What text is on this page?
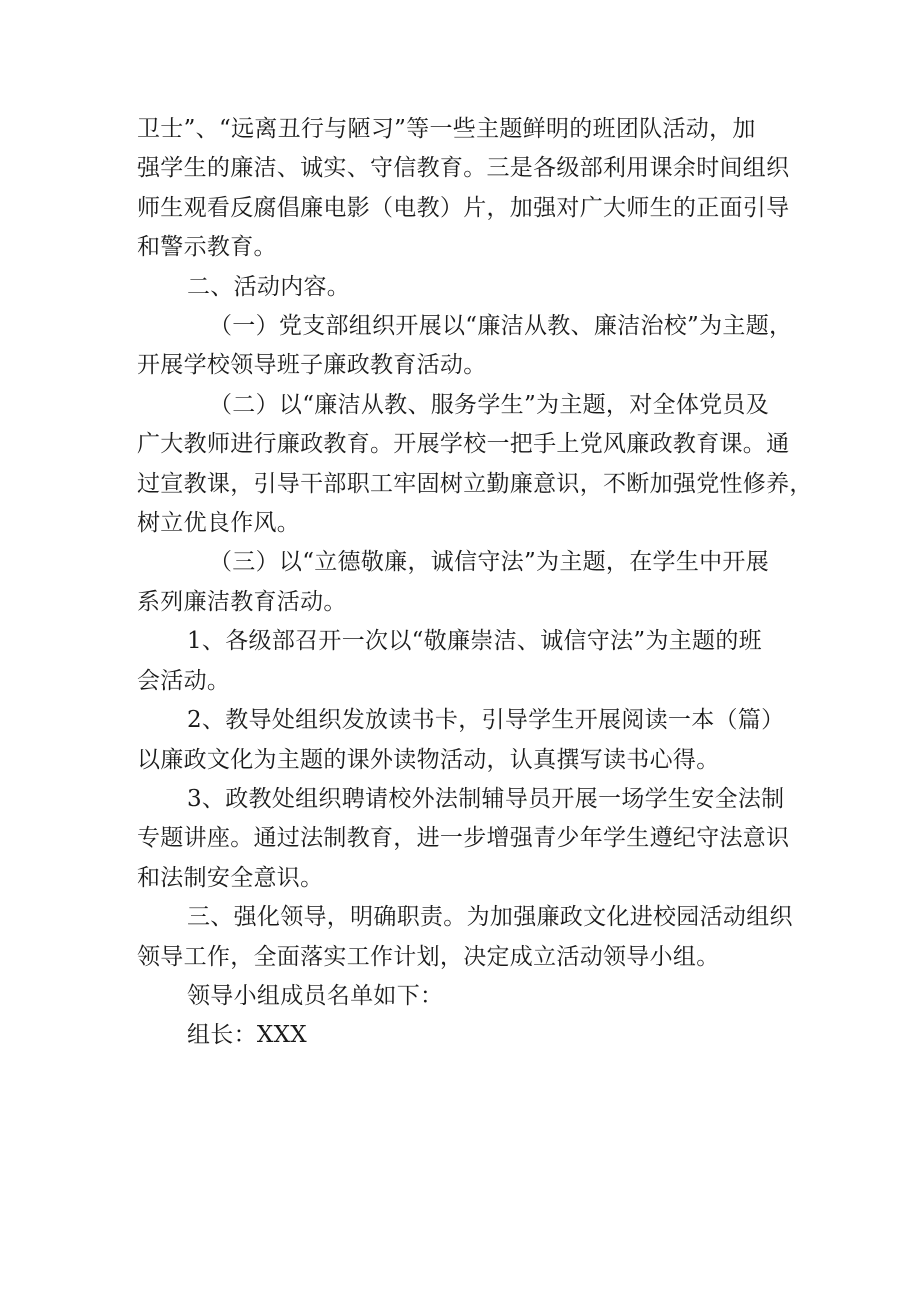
卫士”、“远离丑行与陋习”等一些主题鲜明的班团队活动，加
强学生的廉洁、诚实、守信教育。三是各级部利用课余时间组织
师生观看反腐倡廉电影（电教）片，加强对广大师生的正面引导
和警示教育。
二、活动内容。
（一）党支部组织开展以“廉洁从教、廉洁治校”为主题，
开展学校领导班子廉政教育活动。
（二）以“廉洁从教、服务学生”为主题，对全体党员及
广大教师进行廉政教育。开展学校一把手上党风廉政教育课。通
过宣教课，引导干部职工牢固树立勤廉意识，不断加强党性修养，
树立优良作风。
（三）以“立德敬廉，诚信守法”为主题，在学生中开展
系列廉洁教育活动。
1、各级部召开一次以“敬廉崇洁、诚信守法”为主题的班
会活动。
2、教导处组织发放读书卡，引导学生开展阅读一本（篇）
以廉政文化为主题的课外读物活动，认真撰写读书心得。
3、政教处组织聘请校外法制辅导员开展一场学生安全法制
专题讲座。通过法制教育，进一步增强青少年学生遵纪守法意识
和法制安全意识。
三、强化领导，明确职责。为加强廉政文化进校园活动组织
领导工作，全面落实工作计划，决定成立活动领导小组。
领导小组成员名单如下：
组长：XXX
